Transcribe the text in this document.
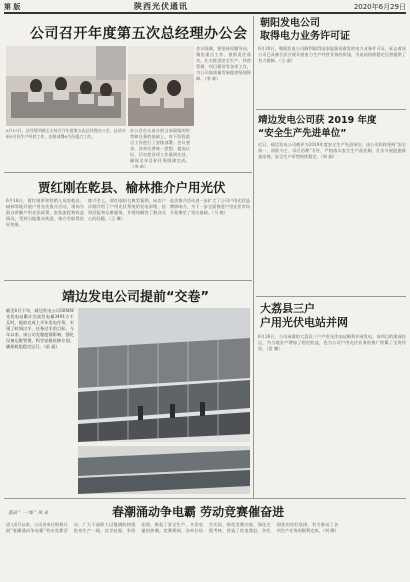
第 版	陕西光伏通讯	2020年6月29日
公司召开年度第五次总经理办公会
6月15日，总经理刘满玉主持召开年度第五次总经理办公会，总结分析5月份生产经营工作，安排部署6月份重点工作。
办公会在认真分析当前面临的形势和任务的基础上，对下阶段重点工作进行了安排部署。会议要求，各单位要统一思想、提高认识，切实把各项工作落到实处，确保全年目标任务圆满完成。（李 新）
会议强调，要坚持问题导向，聚焦重点工作，狠抓责任落实，扎实推进安全生产、经营管理、项目建设等各项工作，为公司高质量发展提供坚强保障。（李 新）
贾红刚在乾县、榆林推介户用光伏
6月18日，贾红刚带领营销人员赴乾县、榆林等地开展户用光伏推介活动，现场为群众讲解户用光伏政策、安装流程和收益情况，受到当地群众欢迎，推介会取得良好效果。
推介会上，贾红刚结合典型案例，向农户详细介绍了户用光伏系统的发电原理、投资回报和运维服务，并现场解答了群众关心的问题。（王 琳）
此次推介活动进一步扩大了公司户用光伏品牌影响力，为下一步全面推进户用光伏市场开拓奠定了坚实基础。（马 敏）
靖边发电公司提前“交卷”
截至6月下旬，靖边发电公司50MW光伏电站累计完成发电量3491万千瓦时，提前完成上半年发电任务，实现了时间过半、任务过半的目标。今年以来，该公司克服疫情影响，强化设备运维管理，科学安排检修计划，确保机组稳定运行。（苗 晶）
朝阳发电公司
取得电力业务许可证
6月20日，朝阳发电公司顺利取得国家能源局颁发的电力业务许可证，标志着该公司已具备合法合规开展电力生产经营业务的资质，为电站持续稳定运营提供了有力保障。（王 刚）
靖边发电公司获 2019 年度
“安全生产先进单位”
近日，靖边发电公司被评为2019年度安全生产先进单位。该公司始终坚持“安全第一、预防为主、综合治理”方针，严格落实安全生产责任制，扎实开展隐患排查治理，安全生产形势持续稳定。（周 娟）
大荔县三户
户用光伏电站并网
6月26日，公司承建的大荔县三户户用光伏电站顺利并网发电。该项目的建成投运，为当地农户增加了稳定收益，也为公司户用光伏业务的推广积累了宝贵经验。（雷 鹏）
基层 “ 一 线 ” 风 采	春潮涌动争电霸 劳动竞赛催奋进
进入6月以来，公司各单位积极开展“春潮涌动争电霸”劳动竞赛活动，广大干部职工以饱满的热情投身生产一线，比学赶超、争创佳绩，掀起了安全生产、多发电量的热潮。竞赛期间，各单位结合实际，细化竞赛内容，强化过程考核，营造了你追我赶、争先创优的良好氛围，有力推动了各项生产任务的顺利完成。（刘 娜）
